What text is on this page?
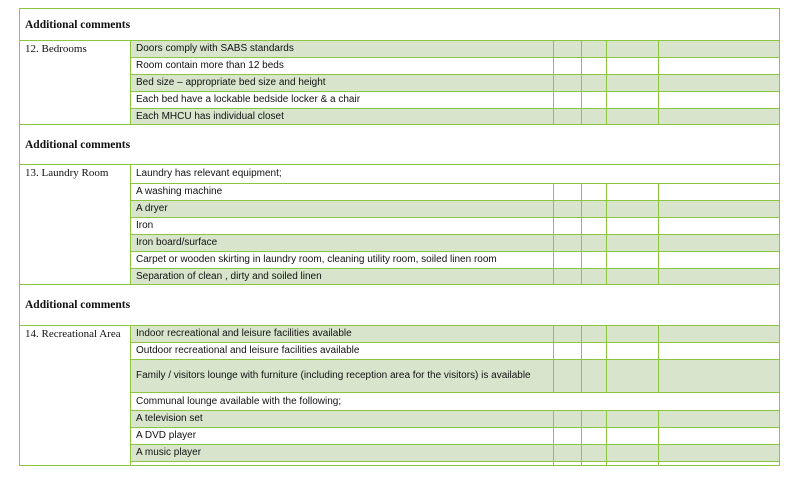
Additional comments					
12. Bedrooms	Doors comply with SABS standards				
	Room contain more than 12 beds				
	Bed size – appropriate bed size and height				
	Each bed have a lockable bedside locker & a chair				
	Each MHCU has individual closet				
Additional comments					
13. Laundry Room	Laundry has relevant equipment;				
	A washing machine				
	A dryer				
	Iron				
	Iron board/surface				
	Carpet or wooden skirting in laundry room, cleaning utility room, soiled linen room				
	Separation of clean , dirty and soiled linen				
Additional comments					
14. Recreational Area	Indoor recreational and leisure facilities available				
	Outdoor recreational and leisure facilities available				
	Family / visitors lounge with furniture (including reception area for the visitors) is available				
	Communal lounge available with the following;				
	A television set				
	A DVD player				
	A music player				
